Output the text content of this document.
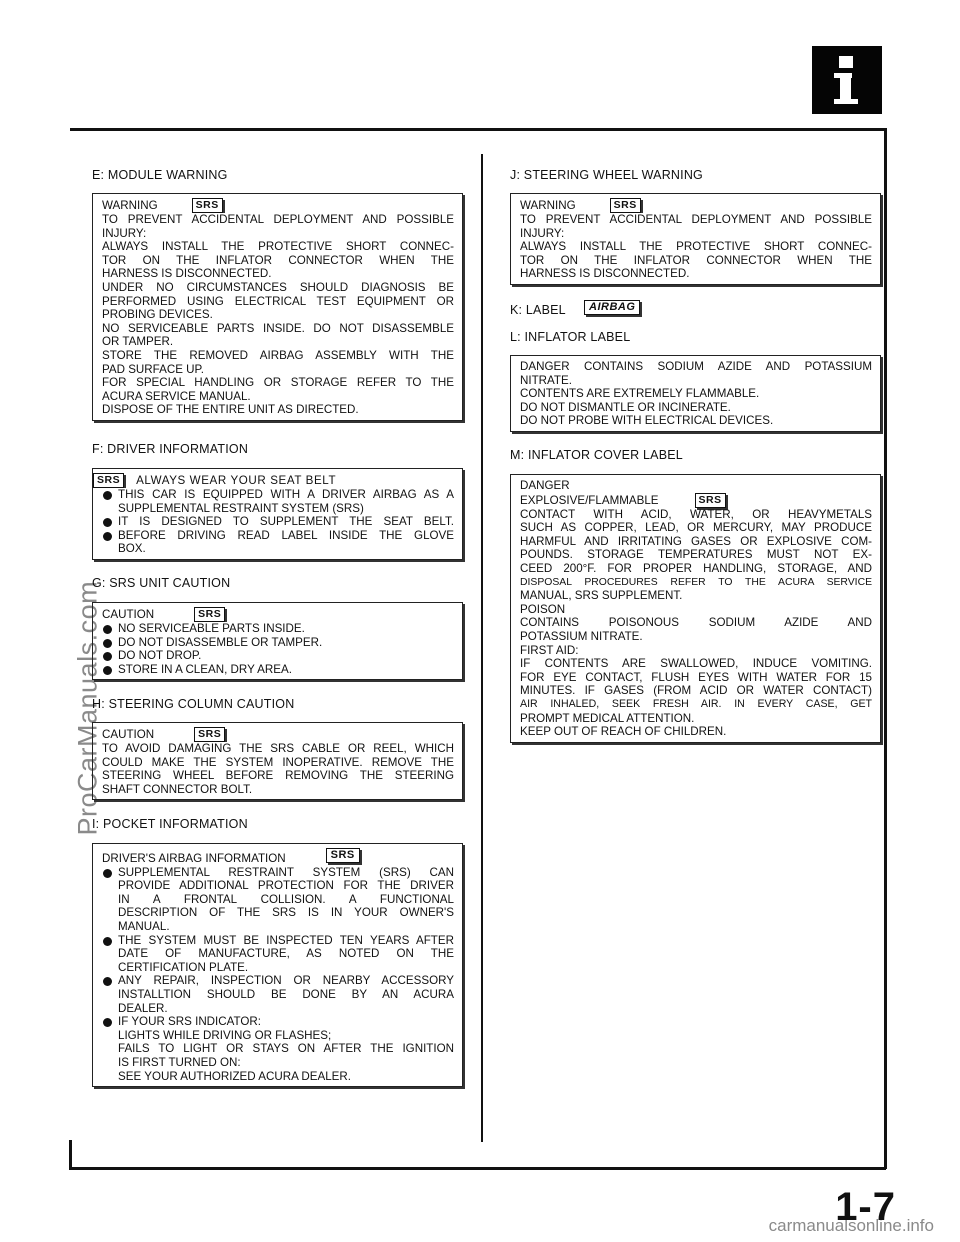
ProCarManuals.com
carmanualsonline.info
1-7
E: MODULE WARNING
WARNING	SRS
TO PREVENT ACCIDENTAL DEPLOYMENT AND POSSIBLE
INJURY:
ALWAYS INSTALL THE PROTECTIVE SHORT CONNEC-
TOR ON THE INFLATOR CONNECTOR WHEN THE
HARNESS IS DISCONNECTED.
UNDER NO CIRCUMSTANCES SHOULD DIAGNOSIS BE
PERFORMED USING ELECTRICAL TEST EQUIPMENT OR
PROBING DEVICES.
NO SERVICEABLE PARTS INSIDE. DO NOT DISASSEMBLE
OR TAMPER.
STORE THE REMOVED AIRBAG ASSEMBLY WITH THE
PAD SURFACE UP.
FOR SPECIAL HANDLING OR STORAGE REFER TO THE
ACURA SERVICE MANUAL.
DISPOSE OF THE ENTIRE UNIT AS DIRECTED.
F: DRIVER INFORMATION
SRS ALWAYS WEAR YOUR SEAT BELT
THIS CAR IS EQUIPPED WITH A DRIVER AIRBAG AS A
SUPPLEMENTAL RESTRAINT SYSTEM (SRS)
IT IS DESIGNED TO SUPPLEMENT THE SEAT BELT.
BEFORE DRIVING READ LABEL INSIDE THE GLOVE
BOX.
G: SRS UNIT CAUTION
CAUTION	SRS
NO SERVICEABLE PARTS INSIDE.
DO NOT DISASSEMBLE OR TAMPER.
DO NOT DROP.
STORE IN A CLEAN, DRY AREA.
H: STEERING COLUMN CAUTION
CAUTION	SRS
TO AVOID DAMAGING THE SRS CABLE OR REEL, WHICH
COULD MAKE THE SYSTEM INOPERATIVE. REMOVE THE
STEERING WHEEL BEFORE REMOVING THE STEERING
SHAFT CONNECTOR BOLT.
I: POCKET INFORMATION
DRIVER'S AIRBAG INFORMATION	SRS
SUPPLEMENTAL RESTRAINT SYSTEM (SRS) CAN
PROVIDE ADDITIONAL PROTECTION FOR THE DRIVER
IN A FRONTAL COLLISION. A FUNCTIONAL
DESCRIPTION OF THE SRS IS IN YOUR OWNER'S
MANUAL.
THE SYSTEM MUST BE INSPECTED TEN YEARS AFTER
DATE OF MANUFACTURE, AS NOTED ON THE
CERTIFICATION PLATE.
ANY REPAIR, INSPECTION OR NEARBY ACCESSORY
INSTALLTION SHOULD BE DONE BY AN ACURA
DEALER.
IF YOUR SRS INDICATOR:
LIGHTS WHILE DRIVING OR FLASHES;
FAILS TO LIGHT OR STAYS ON AFTER THE IGNITION
IS FIRST TURNED ON:
SEE YOUR AUTHORIZED ACURA DEALER.
J: STEERING WHEEL WARNING
WARNING	SRS
TO PREVENT ACCIDENTAL DEPLOYMENT AND POSSIBLE
INJURY:
ALWAYS INSTALL THE PROTECTIVE SHORT CONNEC-
TOR ON THE INFLATOR CONNECTOR WHEN THE
HARNESS IS DISCONNECTED.
K: LABEL	AIRBAG
L: INFLATOR LABEL
DANGER CONTAINS SODIUM AZIDE AND POTASSIUM
NITRATE.
CONTENTS ARE EXTREMELY FLAMMABLE.
DO NOT DISMANTLE OR INCINERATE.
DO NOT PROBE WITH ELECTRICAL DEVICES.
M: INFLATOR COVER LABEL
DANGER
EXPLOSIVE/FLAMMABLE	SRS
CONTACT WITH ACID, WATER, OR HEAVYMETALS
SUCH AS COPPER, LEAD, OR MERCURY, MAY PRODUCE
HARMFUL AND IRRITATING GASES OR EXPLOSIVE COM-
POUNDS. STORAGE TEMPERATURES MUST NOT EX-
CEED 200°F. FOR PROPER HANDLING, STORAGE, AND
DISPOSAL PROCEDURES REFER TO THE ACURA SERVICE
MANUAL, SRS SUPPLEMENT.
POISON
CONTAINS POISONOUS SODIUM AZIDE AND
POTASSIUM NITRATE.
FIRST AID:
IF CONTENTS ARE SWALLOWED, INDUCE VOMITING.
FOR EYE CONTACT, FLUSH EYES WITH WATER FOR 15
MINUTES. IF GASES (FROM ACID OR WATER CONTACT)
AIR INHALED, SEEK FRESH AIR. IN EVERY CASE, GET
PROMPT MEDICAL ATTENTION.
KEEP OUT OF REACH OF CHILDREN.
